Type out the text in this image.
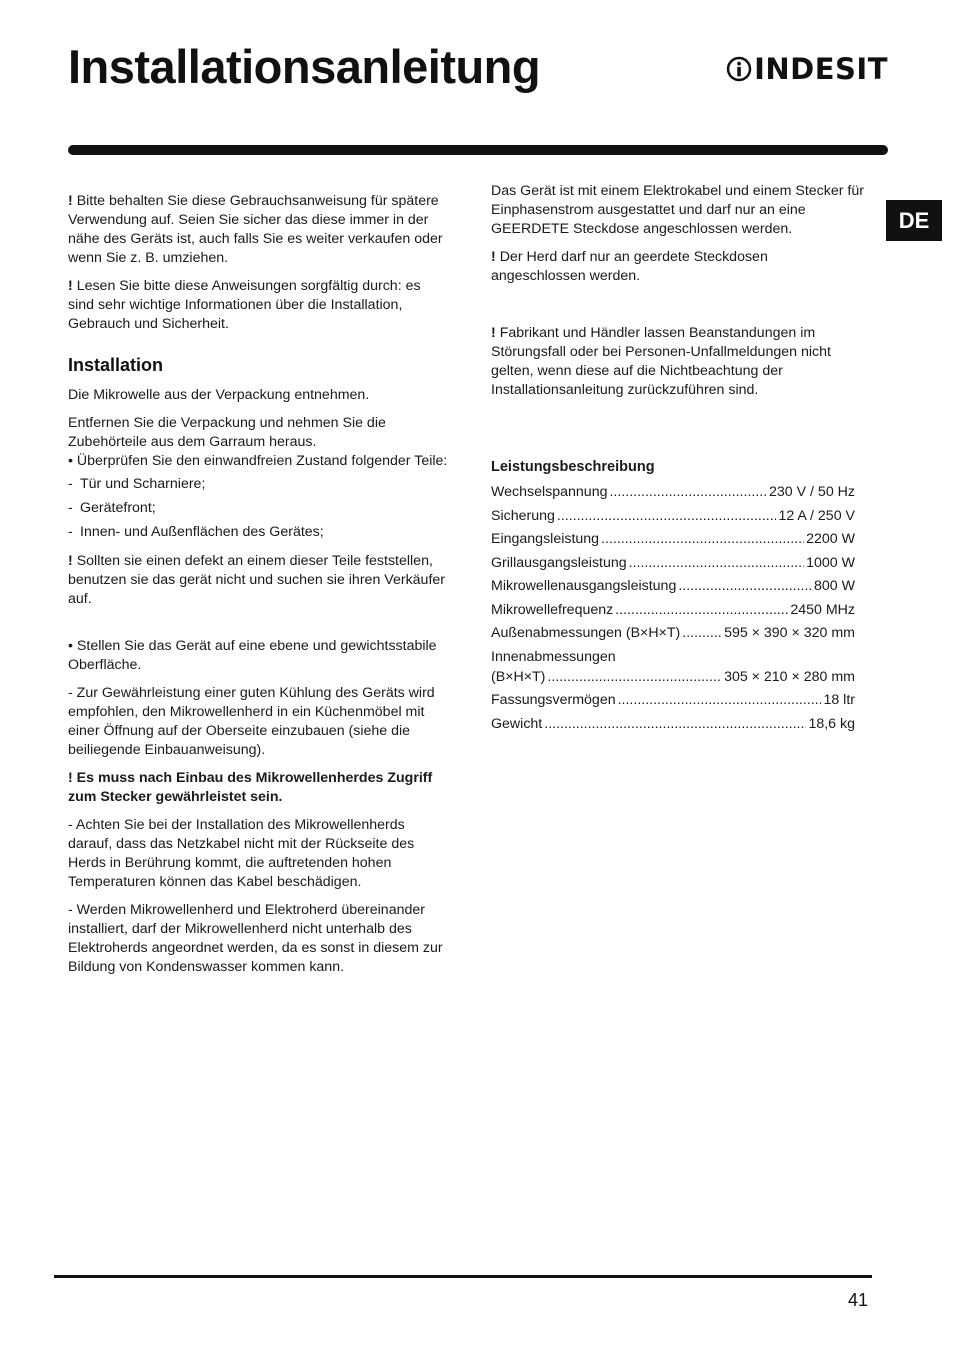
Installationsanleitung	INDESIT
DE

! Bitte behalten Sie diese Gebrauchsanweisung für spätere Verwendung auf. Seien Sie sicher das diese immer in der nähe des Geräts ist, auch falls Sie es weiter verkaufen oder wenn Sie z. B. umziehen.

! Lesen Sie bitte diese Anweisungen sorgfältig durch: es sind sehr wichtige Informationen über die Installation, Gebrauch und Sicherheit.

Installation

Die Mikrowelle aus der Verpackung entnehmen.

Entfernen Sie die Verpackung und nehmen Sie die Zubehörteile aus dem Garraum heraus.

• Überprüfen Sie den einwandfreien Zustand folgender Teile:

- Tür und Scharniere;
- Gerätefront;
- Innen- und Außenflächen des Gerätes;

! Sollten sie einen defekt an einem dieser Teile feststellen, benutzen sie das gerät nicht und suchen sie ihren Verkäufer auf.

• Stellen Sie das Gerät auf eine ebene und gewichtsstabile Oberfläche.

- Zur Gewährleistung einer guten Kühlung des Geräts wird empfohlen, den Mikrowellenherd in ein Küchenmöbel mit einer Öffnung auf der Oberseite einzubauen (siehe die beiliegende Einbauanweisung).

! Es muss nach Einbau des Mikrowellenherdes Zugriff zum Stecker gewährleistet sein.

- Achten Sie bei der Installation des Mikrowellenherds darauf, dass das Netzkabel nicht mit der Rückseite des Herds in Berührung kommt, die auftretenden hohen Temperaturen können das Kabel beschädigen.

- Werden Mikrowellenherd und Elektroherd übereinander installiert, darf der Mikrowellenherd nicht unterhalb des Elektroherds angeordnet werden, da es sonst in diesem zur Bildung von Kondenswasser kommen kann.

Das Gerät ist mit einem Elektrokabel und einem Stecker für Einphasenstrom ausgestattet und darf nur an eine GEERDETE Steckdose angeschlossen werden.

! Der Herd darf nur an geerdete Steckdosen angeschlossen werden.

! Fabrikant und Händler lassen Beanstandungen im Störungsfall oder bei Personen-Unfallmeldungen nicht gelten, wenn diese auf die Nichtbeachtung der Installationsanleitung zurückzuführen sind.

Leistungsbeschreibung

Wechselspannung .....	230 V / 50 Hz
Sicherung .....	12 A / 250 V
Eingangsleistung .....	2200 W
Grillausgangsleistung .....	1000 W
Mikrowellenausgangsleistung .....	800 W
Mikrowellefrequenz .....	2450 MHz
Außenabmessungen (B×H×T) .....	595 × 390 × 320 mm
Innenabmessungen
(B×H×T) .....	305 × 210 × 280 mm
Fassungsvermögen .....	18 ltr
Gewicht .....	18,6 kg
41
